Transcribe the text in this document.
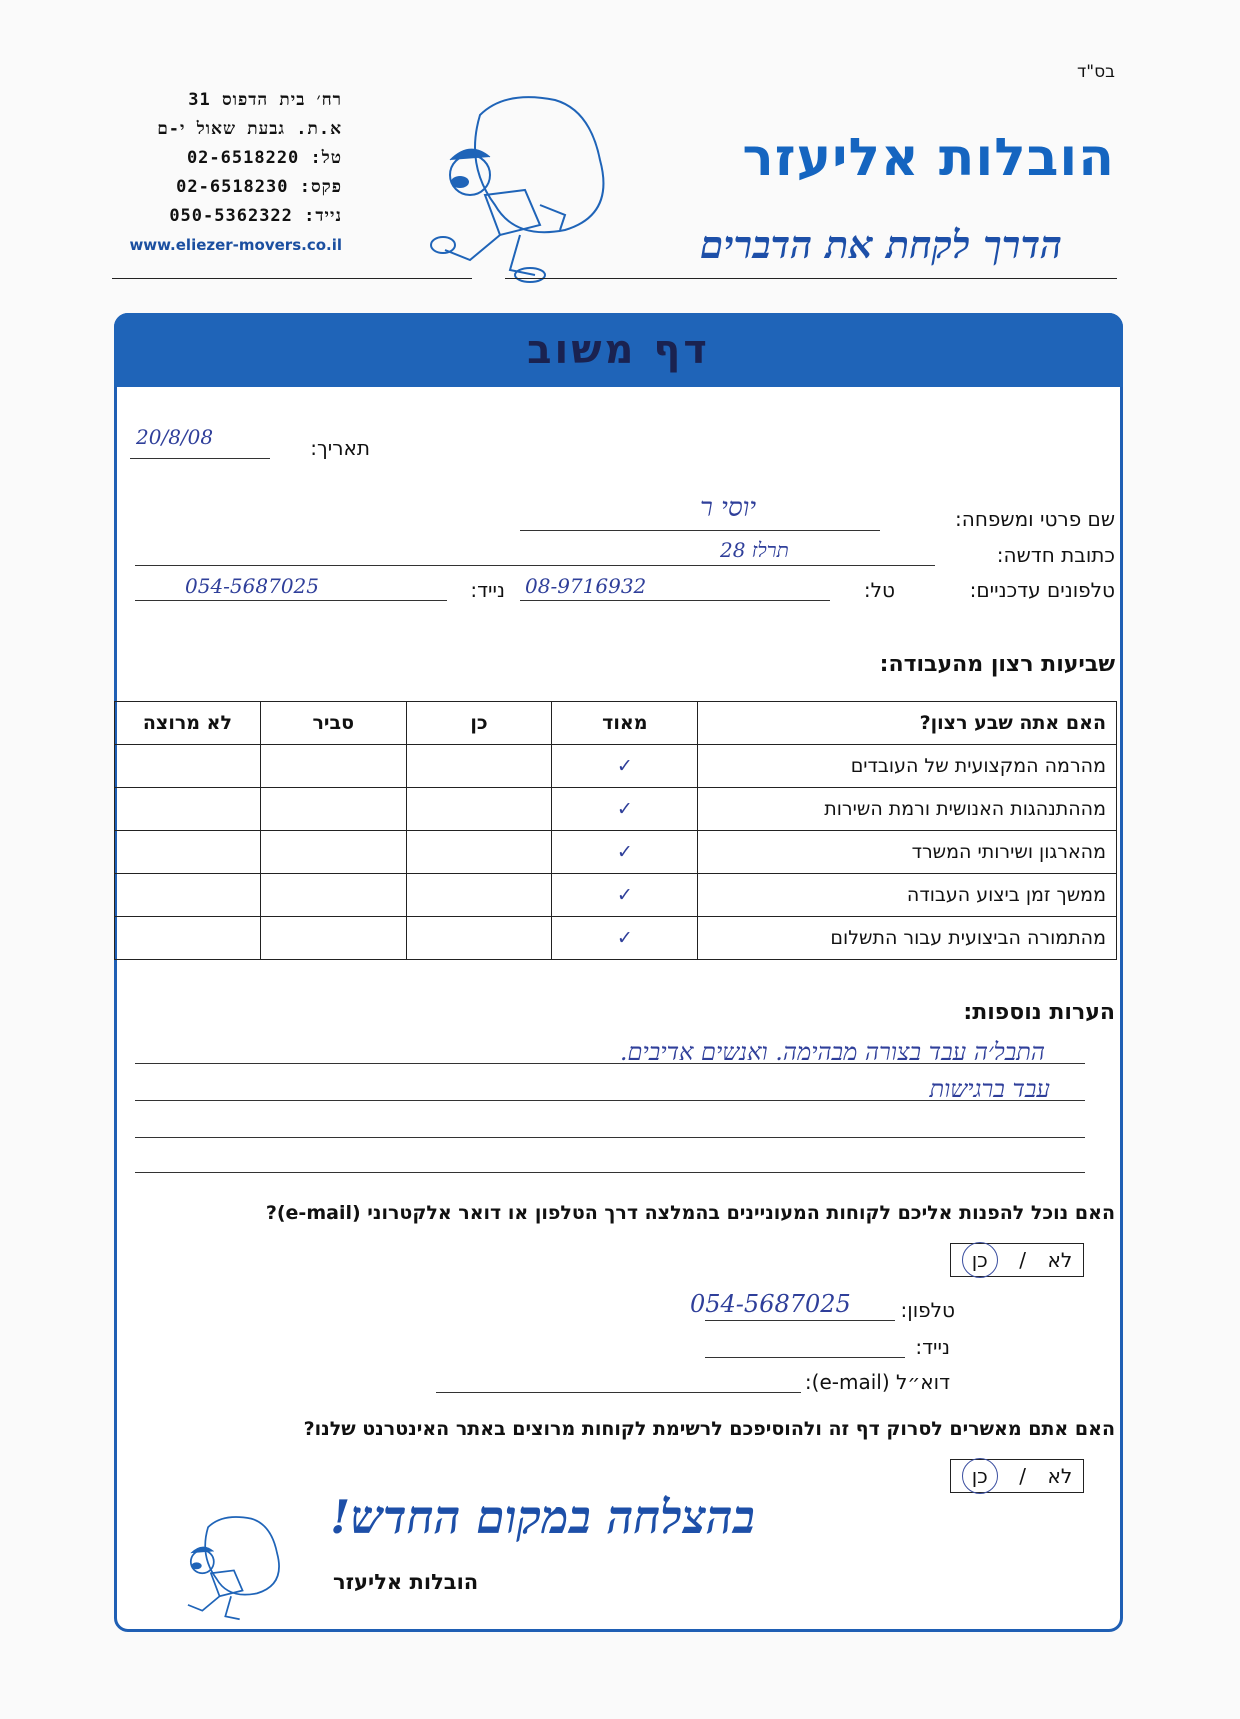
בס"ד
רח׳ בית הדפוס 31
א.ת. גבעת שאול י-ם
טל: 02-6518220
פקס: 02-6518230
נייד: 050-5362322
www.eliezer-movers.co.il
הובלות אליעזר
הדרך לקחת את הדברים
דף משוב
תאריך:
20/8/08
שם פרטי ומשפחה:
יוסי ר
כתובת חדשה:
תרלז 28
טלפונים עדכניים:
טל:
08-9716932
נייד:
054-5687025
שביעות רצון מהעבודה:
האם אתה שבע רצון?	מאוד	כן	סביר	לא מרוצה
מהרמה המקצועית של העובדים	✓			
מההתנהגות האנושית ורמת השירות	✓			
מהארגון ושירותי המשרד	✓			
ממשך זמן ביצוע העבודה	✓			
מהתמורה הביצועית עבור התשלום	✓			
הערות נוספות:
התבל׳ה עבד בצורה מבהימה. ואנשים אדיבים.
עבד ברגישות
האם נוכל להפנות אליכם לקוחות המעוניינים בהמלצה דרך הטלפון או דואר אלקטרוני (e-mail)?
לא
/
כן
טלפון:
054-5687025
נייד:
דוא״ל (e-mail):
האם אתם מאשרים לסרוק דף זה ולהוסיפכם לרשימת לקוחות מרוצים באתר האינטרנט שלנו?
לא
/
כן
בהצלחה במקום החדש!
הובלות אליעזר
